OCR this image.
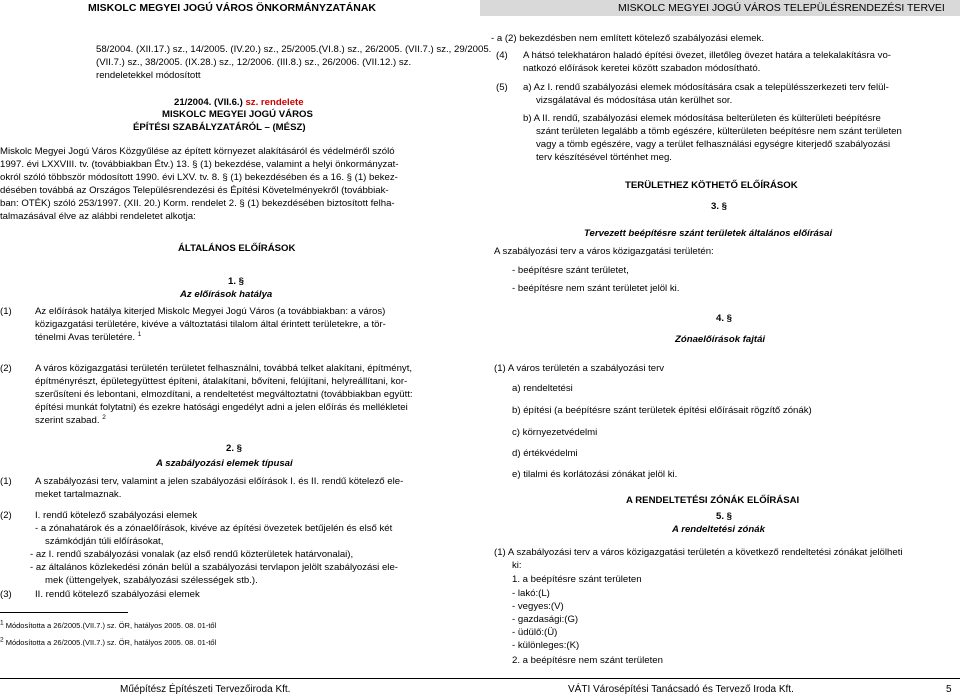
MISKOLC MEGYEI JOGÚ VÁROS ÖNKORMÁNYZATÁNAK	MISKOLC MEGYEI JOGÚ VÁROS TELEPÜLÉSRENDEZÉSI TERVEI
58/2004. (XII.17.) sz., 14/2005. (IV.20.) sz., 25/2005.(VI.8.) sz., 26/2005. (VII.7.) sz., 29/2005.
(VII.7.) sz., 38/2005. (IX.28.) sz., 12/2006. (III.8.) sz., 26/2006. (VII.12.) sz.
rendeletekkel módosított
21/2004. (VII.6.) sz. rendelete
MISKOLC MEGYEI JOGÚ VÁROS
ÉPÍTÉSI SZABÁLYZATÁRÓL – (MÉSZ)
Miskolc Megyei Jogú Város Közgyűlése az épített környezet alakításáról és védelméről szóló
1997. évi LXXVIII. tv. (továbbiakban Étv.) 13. § (1) bekezdése, valamint a helyi önkormányzat-
okról szóló többször módosított 1990. évi LXV. tv. 8. § (1) bekezdésében és a 16. § (1) bekez-
désében továbbá az Országos Településrendezési és Építési Követelményekről (továbbiak-
ban: OTÉK) szóló 253/1997. (XII. 20.) Korm. rendelet 2. § (1) bekezdésében biztosított felha-
talmazásával élve az alábbi rendeletet alkotja:
ÁLTALÁNOS ELŐÍRÁSOK
1. §
Az előírások hatálya
(1) Az előírások hatálya kiterjed Miskolc Megyei Jogú Város (a továbbiakban: a város)
közigazgatási területére, kivéve a változtatási tilalom által érintett területekre, a tör-
ténelmi Avas területére. $^1$
(2) A város közigazgatási területén területet felhasználni, továbbá telket alakítani, építményt,
építményrészt, épületegyüttest építeni, átalakítani, bővíteni, felújítani, helyreállítani, kor-
szerűsíteni és lebontani, elmozdítani, a rendeltetést megváltoztatni (továbbiakban együtt:
építési munkát folytatni) és ezekre hatósági engedélyt adni a jelen előírás és mellékletei
szerint szabad. $^2$
2. §
A szabályozási elemek típusai
(1) A szabályozási terv, valamint a jelen szabályozási előírások I. és II. rendű kötelező ele-
meket tartalmaznak.
(2) I. rendű kötelező szabályozási elemek
- a zónahatárok és a zónaelőírások, kivéve az építési övezetek betűjelén és első két
számkódján túli előírásokat,
- az I. rendű szabályozási vonalak (az első rendű közterületek határvonalai),
- az általános közlekedési zónán belül a szabályozási tervlapon jelölt szabályozási ele-
mek (üttengelyek, szabályozási szélességek stb.).
(3) II. rendű kötelező szabályozási elemek
$^1$ Módosította a 26/2005.(VII.7.) sz. ÖR, hatályos 2005. 08. 01-től
$^2$ Módosította a 26/2005.(VII.7.) sz. ÖR, hatályos 2005. 08. 01-től
- a (2) bekezdésben nem említett kötelező szabályozási elemek.
(4) A hátsó telekhatáron haladó építési övezet, illetőleg övezet határa a telekalakításra vo-
natkozó előírások keretei között szabadon módosítható.
(5) a) Az I. rendű szabályozási elemek módosítására csak a településszerkezeti terv felül-
vizsgálatával és módosítása után kerülhet sor.
b) A II. rendű, szabályozási elemek módosítása belterületen és külterületi beépítésre
szánt területen legalább a tömb egészére, külterületen beépítésre nem szánt területen
vagy a tömb egészére, vagy a terület felhasználási egységre kiterjedő szabályozási
terv készítésével történhet meg.
TERÜLETHEZ KÖTHETŐ ELŐÍRÁSOK
3. §
Tervezett beépítésre szánt területek általános előírásai
A szabályozási terv a város közigazgatási területén:
- beépítésre szánt területet,
- beépítésre nem szánt területet jelöl ki.
4. §
Zónaelőírások fajtái
(1) A város területén a szabályozási terv
a) rendeltetési
b) építési (a beépítésre szánt területek építési előírásait rögzítő zónák)
c) környezetvédelmi
d) értékvédelmi
e) tilalmi és korlátozási zónákat jelöl ki.
A RENDELTETÉSI ZÓNÁK ELŐÍRÁSAI
5. §
A rendeltetési zónák
(1) A szabályozási terv a város közigazgatási területén a következő rendeltetési zónákat jelölheti
ki:
1. a beépítésre szánt területen
- lakó:(L)
- vegyes:(V)
- gazdasági:(G)
- üdülő:(Ü)
- különleges:(K)
2. a beépítésre nem szánt területen
Műépítész Építészeti Tervezőiroda Kft.	VÁTI Városépítési Tanácsadó és Tervező Iroda Kft.	5
